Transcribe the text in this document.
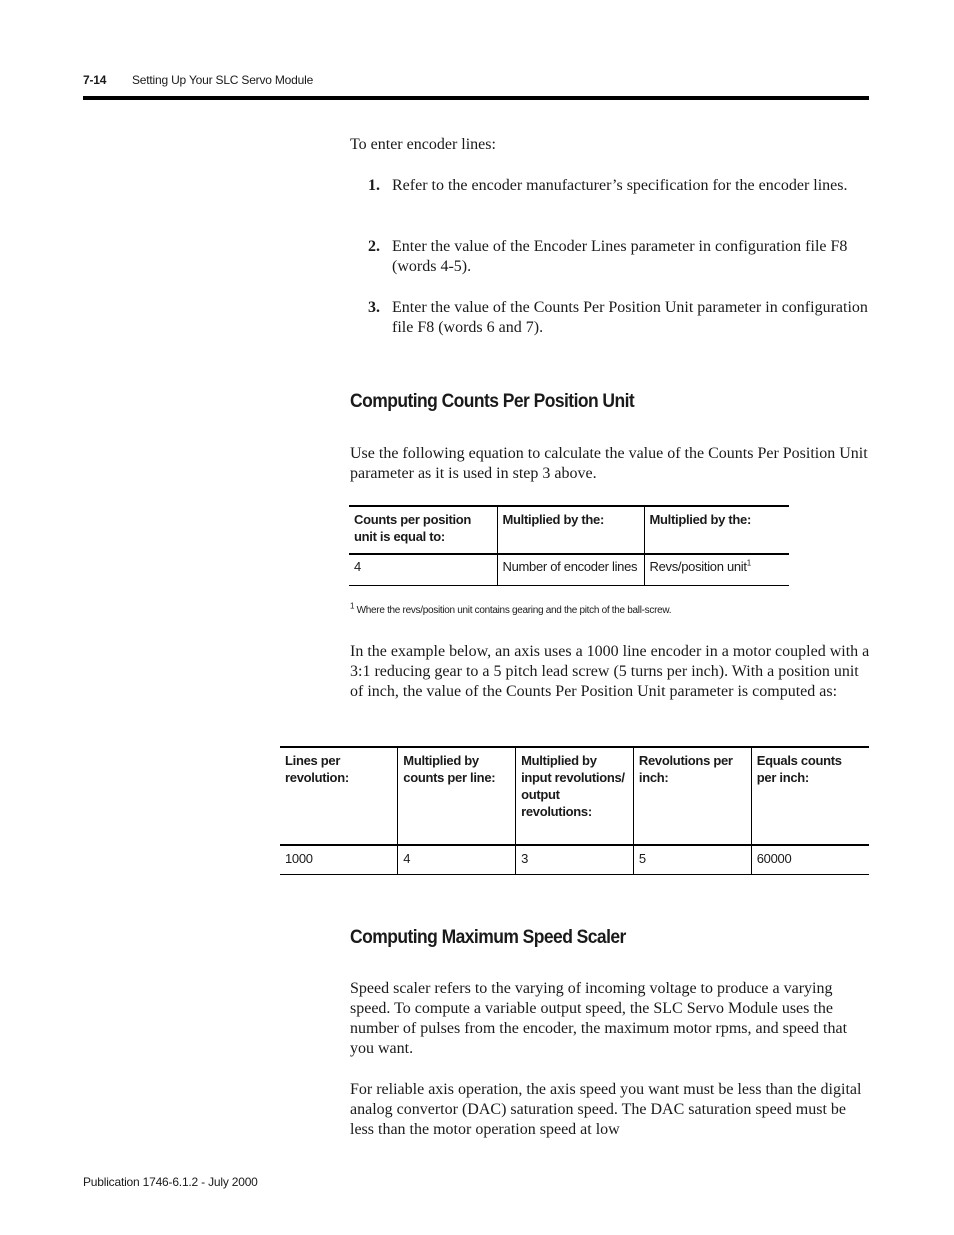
7-14 Setting Up Your SLC Servo Module
To enter encoder lines:
1. Refer to the encoder manufacturer’s specification for the encoder lines.
2. Enter the value of the Encoder Lines parameter in configuration file F8 (words 4-5).
3. Enter the value of the Counts Per Position Unit parameter in configuration file F8 (words 6 and 7).
Computing Counts Per Position Unit
Use the following equation to calculate the value of the Counts Per Position Unit parameter as it is used in step 3 above.
Counts per position unit is equal to:	Multiplied by the:	Multiplied by the:
4	Number of encoder lines	Revs/position unit$^1$
$^1$ Where the revs/position unit contains gearing and the pitch of the ball-screw.
In the example below, an axis uses a 1000 line encoder in a motor coupled with a 3:1 reducing gear to a 5 pitch lead screw (5 turns per inch). With a position unit of inch, the value of the Counts Per Position Unit parameter is computed as:
Lines per revolution:	Multiplied by counts per line:	Multiplied by input revolutions/ output revolutions:	Revolutions per inch:	Equals counts per inch:
1000	4	3	5	60000
Computing Maximum Speed Scaler
Speed scaler refers to the varying of incoming voltage to produce a varying speed. To compute a variable output speed, the SLC Servo Module uses the number of pulses from the encoder, the maximum motor rpms, and speed that you want.
For reliable axis operation, the axis speed you want must be less than the digital analog convertor (DAC) saturation speed. The DAC saturation speed must be less than the motor operation speed at low
Publication 1746-6.1.2 - July 2000
